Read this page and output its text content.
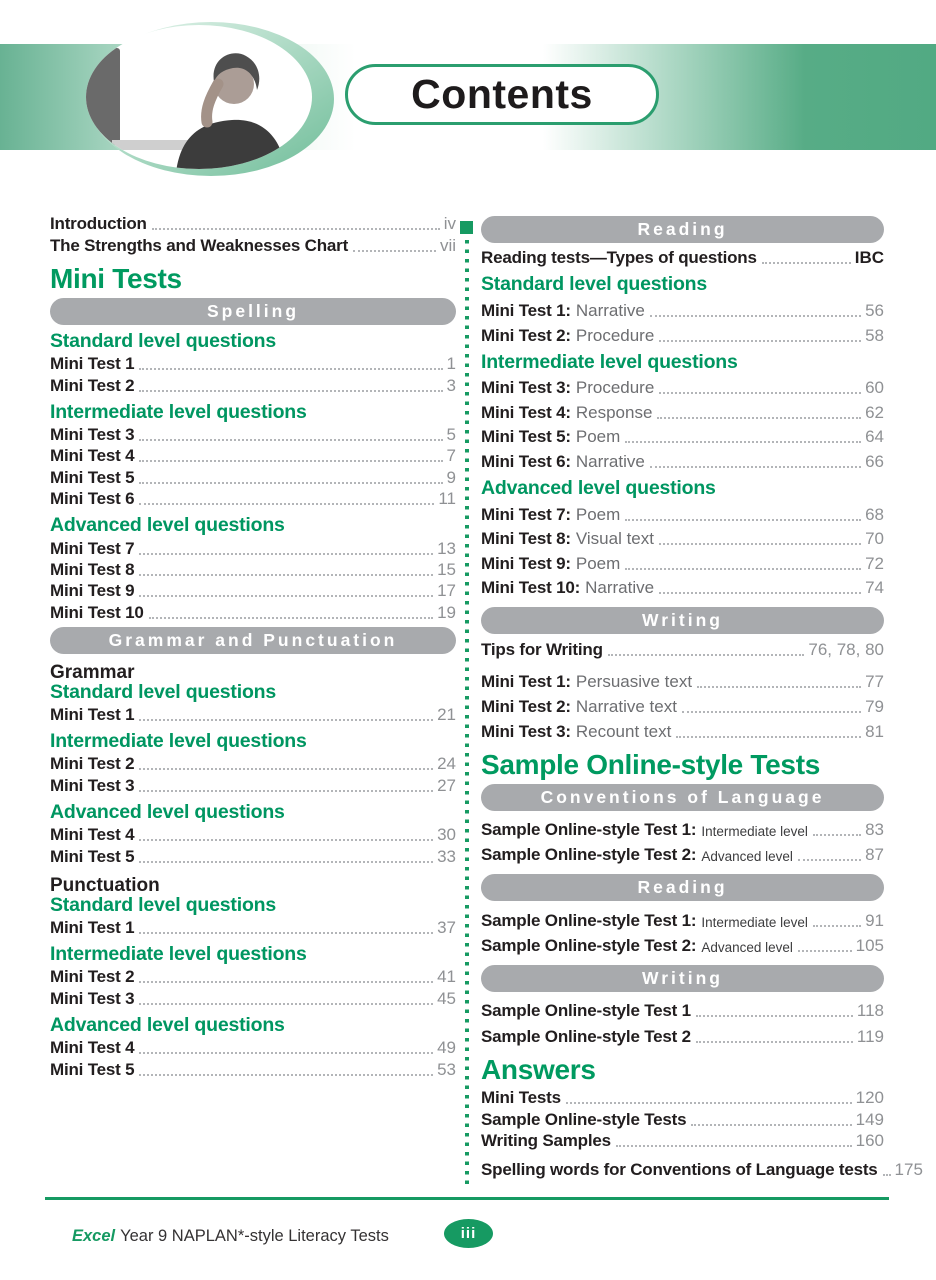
Contents
Introduction	iv
The Strengths and Weaknesses Chart	vii
Mini Tests
Spelling
Standard level questions
Mini Test 1	1
Mini Test 2	3
Intermediate level questions
Mini Test 3	5
Mini Test 4	7
Mini Test 5	9
Mini Test 6	11
Advanced level questions
Mini Test 7	13
Mini Test 8	15
Mini Test 9	17
Mini Test 10	19
Grammar and Punctuation
Grammar
Standard level questions
Mini Test 1	21
Intermediate level questions
Mini Test 2	24
Mini Test 3	27
Advanced level questions
Mini Test 4	30
Mini Test 5	33
Punctuation
Standard level questions
Mini Test 1	37
Intermediate level questions
Mini Test 2	41
Mini Test 3	45
Advanced level questions
Mini Test 4	49
Mini Test 5	53
Reading
Reading tests—Types of questions	IBC
Standard level questions
Mini Test 1: Narrative	56
Mini Test 2: Procedure	58
Intermediate level questions
Mini Test 3: Procedure	60
Mini Test 4: Response	62
Mini Test 5: Poem	64
Mini Test 6: Narrative	66
Advanced level questions
Mini Test 7: Poem	68
Mini Test 8: Visual text	70
Mini Test 9: Poem	72
Mini Test 10: Narrative	74
Writing
Tips for Writing	76, 78, 80
Mini Test 1: Persuasive text	77
Mini Test 2: Narrative text	79
Mini Test 3: Recount text	81
Sample Online-style Tests
Conventions of Language
Sample Online-style Test 1: Intermediate level	83
Sample Online-style Test 2: Advanced level	87
Reading
Sample Online-style Test 1: Intermediate level	91
Sample Online-style Test 2: Advanced level	105
Writing
Sample Online-style Test 1	118
Sample Online-style Test 2	119
Answers
Mini Tests	120
Sample Online-style Tests	149
Writing Samples	160
Spelling words for Conventions of Language tests 175
Excel Year 9 NAPLAN*-style Literacy Tests	iii
